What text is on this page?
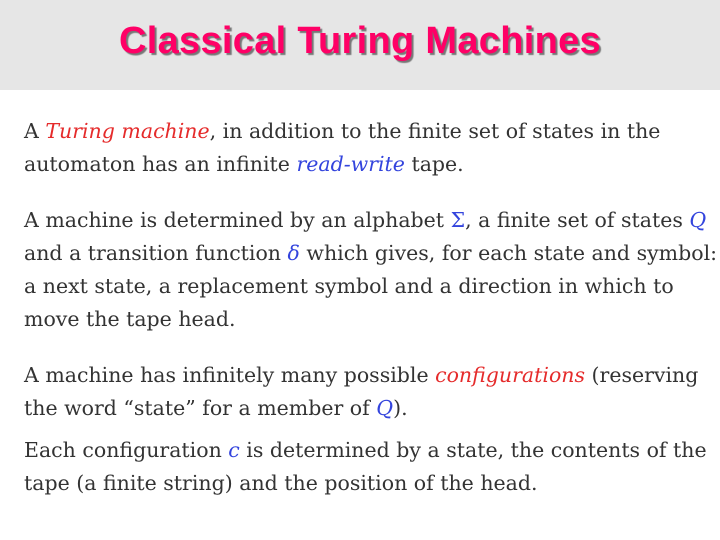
Classical Turing Machines

A Turing machine, in addition to the finite set of states in the
automaton has an infinite read-write tape.

A machine is determined by an alphabet Σ, a finite set of states Q
and a transition function δ which gives, for each state and symbol:
a next state, a replacement symbol and a direction in which to
move the tape head.

A machine has infinitely many possible configurations (reserving
the word “state” for a member of Q).

Each configuration c is determined by a state, the contents of the
tape (a finite string) and the position of the head.
